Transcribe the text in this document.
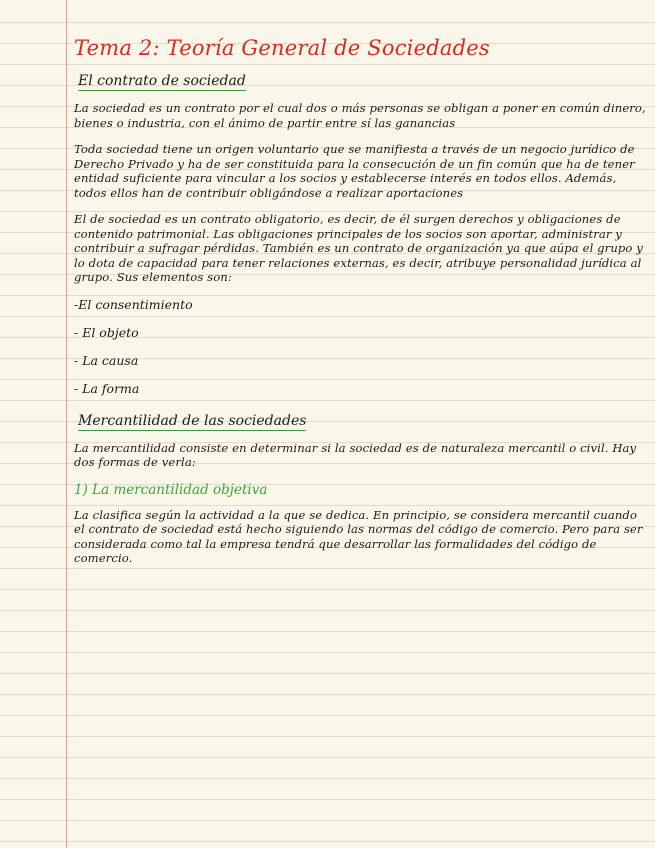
Tema 2: Teoría General de Sociedades
El contrato de sociedad

La sociedad es un contrato por el cual dos o más personas se obligan a poner en común dinero, bienes o industria, con el ánimo de partir entre sí las ganancias

Toda sociedad tiene un origen voluntario que se manifiesta a través de un negocio jurídico de Derecho Privado y ha de ser constituida para la consecución de un fin común que ha de tener entidad suficiente para vincular a los socios y establecerse interés en todos ellos. Además, todos ellos han de contribuir obligándose a realizar aportaciones

El de sociedad es un contrato obligatorio, es decir, de él surgen derechos y obligaciones de contenido patrimonial. Las obligaciones principales de los socios son aportar, administrar y contribuir a sufragar pérdidas. También es un contrato de organización ya que aúpa el grupo y lo dota de capacidad para tener relaciones externas, es decir, atribuye personalidad jurídica al grupo. Sus elementos son:

-El consentimiento
- El objeto
- La causa
- La forma
Mercantilidad de las sociedades

La mercantilidad consiste en determinar si la sociedad es de naturaleza mercantil o civil. Hay dos formas de verla:

1) La mercantilidad objetiva

La clasifica según la actividad a la que se dedica. En principio, se considera mercantil cuando el contrato de sociedad está hecho siguiendo las normas del código de comercio. Pero para ser considerada como tal la empresa tendrá que desarrollar las formalidades del código de comercio.
